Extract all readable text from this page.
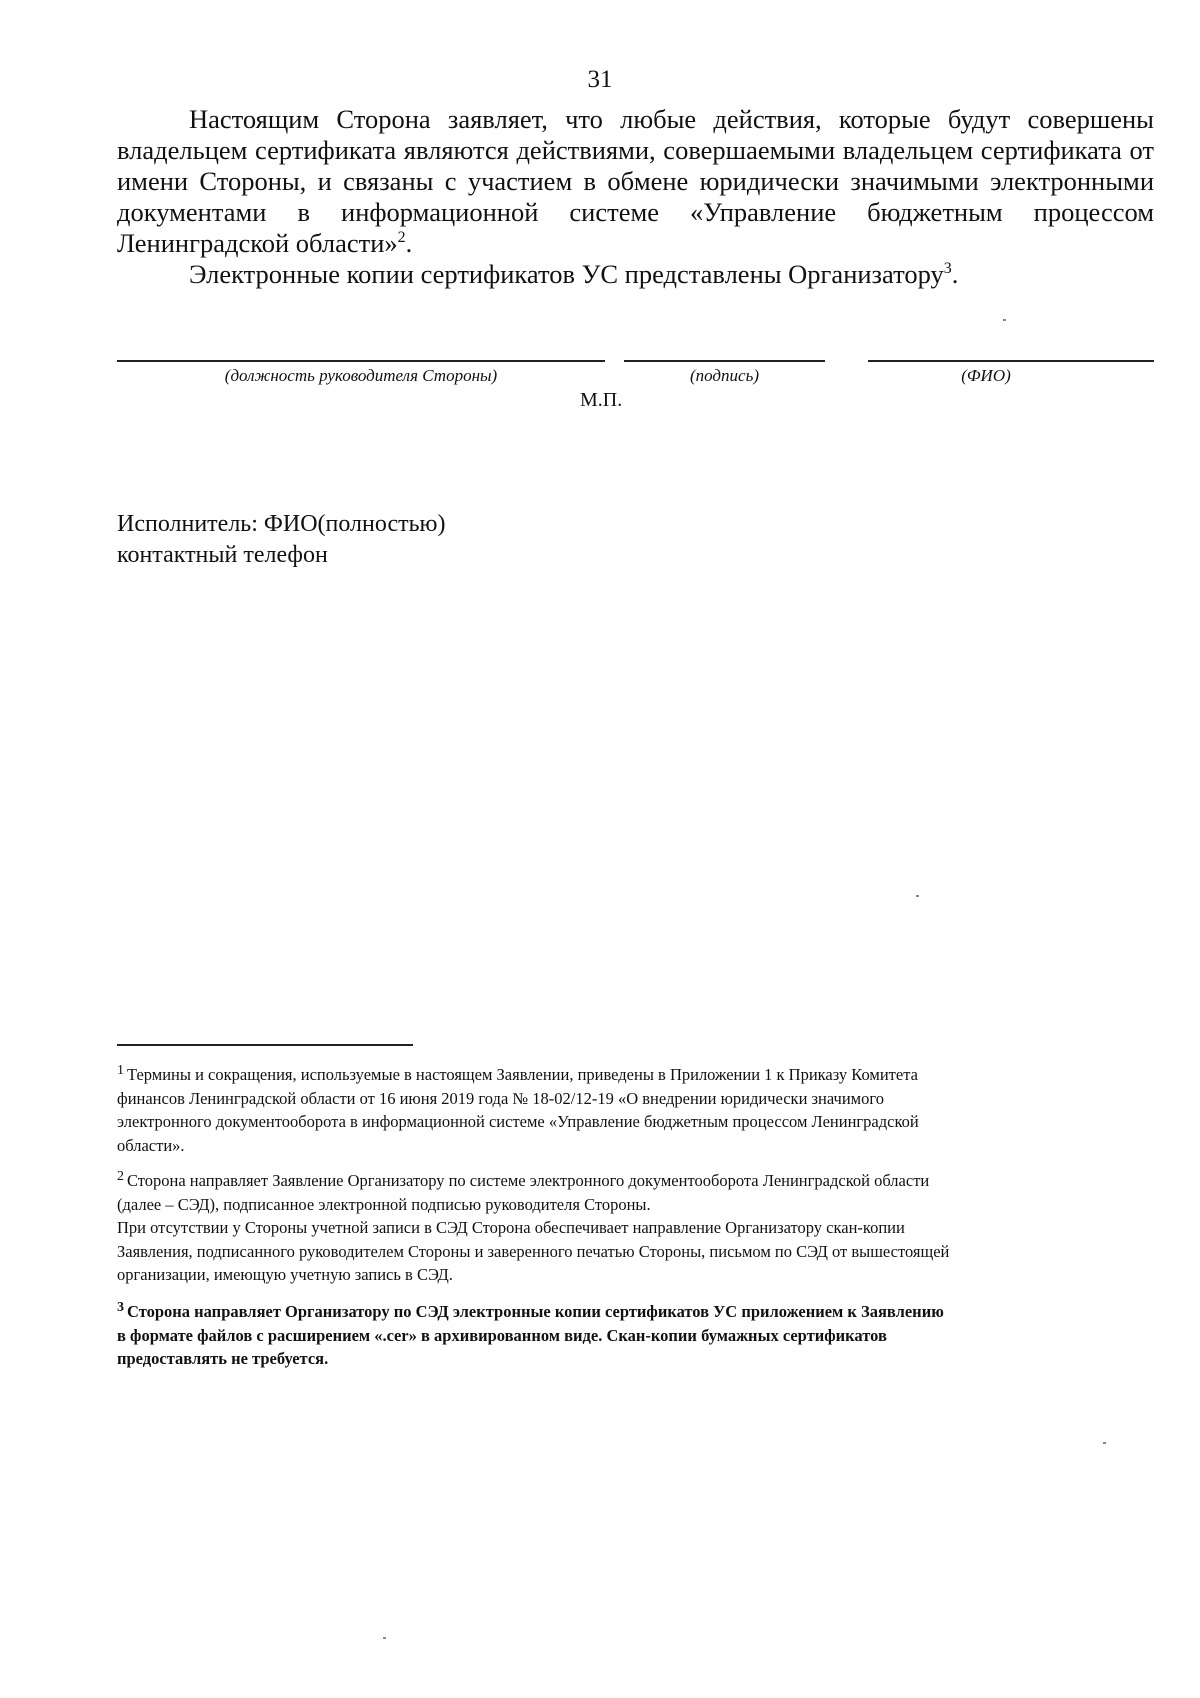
31

Настоящим Сторона заявляет, что любые действия, которые будут совершены владельцем сертификата являются действиями, совершаемыми владельцем сертификата от имени Стороны, и связаны с участием в обмене юридически значимыми электронными документами в информационной системе «Управление бюджетным процессом Ленинградской области»$^2$.

Электронные копии сертификатов УС представлены Организатору$^3$.

(должность руководителя Стороны)	(подпись)	(ФИО)
М.П.
Исполнитель: ФИО(полностью)
контактный телефон

$^1$ Термины и сокращения, используемые в настоящем Заявлении, приведены в Приложении 1 к Приказу Комитета

финансов Ленинградской области от 16 июня 2019 года № 18-02/12-19 «О внедрении юридически значимого

электронного документооборота в информационной системе «Управление бюджетным процессом Ленинградской

области».

$^2$ Сторона направляет Заявление Организатору по системе электронного документооборота Ленинградской области

(далее – СЭД), подписанное электронной подписью руководителя Стороны.

При отсутствии у Стороны учетной записи в СЭД Сторона обеспечивает направление Организатору скан-копии

Заявления, подписанного руководителем Стороны и заверенного печатью Стороны, письмом по СЭД от вышестоящей

организации, имеющую учетную запись в СЭД.

$^3$ Сторона направляет Организатору по СЭД электронные копии сертификатов УС приложением к Заявлению

в формате файлов с расширением «.cer» в архивированном виде. Скан-копии бумажных сертификатов

предоставлять не требуется.
